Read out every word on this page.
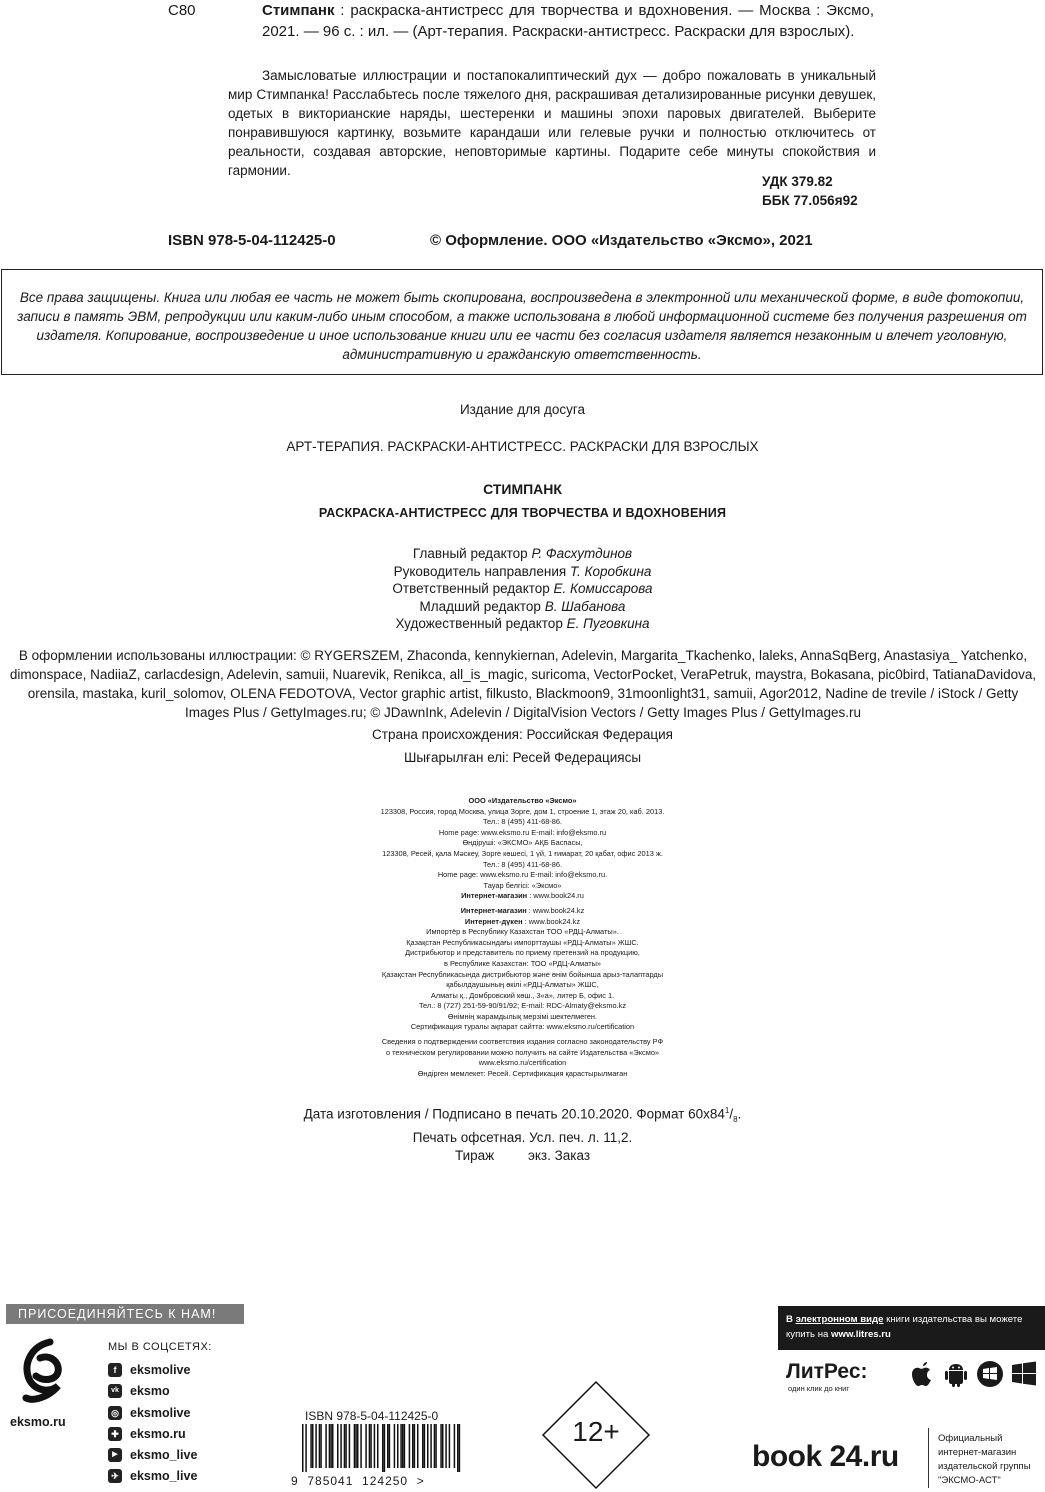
С80	Стимпанк : раскраска-антистресс для творчества и вдохновения. — Москва : Эксмо, 2021. — 96 с. : ил. — (Арт-терапия. Раскраски-антистресс. Раскраски для взрослых).
Замысловатые иллюстрации и постапокалиптический дух — добро пожаловать в уникальный мир Стимпанка! Расслабьтесь после тяжелого дня, раскрашивая детализированные рисунки девушек, одетых в викторианские наряды, шестеренки и машины эпохи паровых двигателей. Выберите понравившуюся картинку, возьмите карандаши или гелевые ручки и полностью отключитесь от реальности, создавая авторские, неповторимые картины. Подарите себе минуты спокойствия и гармонии.
УДК 379.82
ББК 77.056я92
ISBN 978-5-04-112425-0	© Оформление. ООО «Издательство «Эксмо», 2021
Все права защищены. Книга или любая ее часть не может быть скопирована, воспроизведена в электронной или механической форме, в виде фотокопии, записи в память ЭВМ, репродукции или каким-либо иным способом, а также использована в любой информационной системе без получения разрешения от издателя. Копирование, воспроизведение и иное использование книги или ее части без согласия издателя является незаконным и влечет уголовную, административную и гражданскую ответственность.
Издание для досуга
АРТ-ТЕРАПИЯ. РАСКРАСКИ-АНТИСТРЕСС. РАСКРАСКИ ДЛЯ ВЗРОСЛЫХ
СТИМПАНК
РАСКРАСКА-АНТИСТРЕСС ДЛЯ ТВОРЧЕСТВА И ВДОХНОВЕНИЯ
Главный редактор Р. Фасхутдинов
Руководитель направления Т. Коробкина
Ответственный редактор Е. Комиссарова
Младший редактор В. Шабанова
Художественный редактор Е. Пуговкина
В оформлении использованы иллюстрации: © RYGERSZEM, Zhaconda, kennykiernan, Adelevin, Margarita_Tkachenko, laleks, AnnaSqBerg, Anastasiya_ Yatchenko, dimonspace, NadiiaZ, carlacdesign, Adelevin, samuii, Nuarevik, Renikca, all_is_magic, suricoma, VectorPocket, VeraPetruk, maystra, Bokasana, pic0bird, TatianaDavidova, orensila, mastaka, kuril_solomov, OLENA FEDOTOVA, Vector graphic artist, filkusto, Blackmoon9, 31moonlight31, samuii, Agor2012, Nadine de trevile / iStock / Getty Images Plus / GettyImages.ru; © JDawnInk, Adelevin / DigitalVision Vectors / Getty Images Plus / GettyImages.ru
Страна происхождения: Российская Федерация
Шығарылған елі: Ресей Федерациясы
ООО «Издательство «Эксмо»
123308, Россия, город Москва, улица Зорге, дом 1, строение 1, этаж 20, каб. 2013.
Тел.: 8 (495) 411-68-86.
Home page: www.eksmo.ru E-mail: info@eksmo.ru
Өндіруші: «ЭКСМО» АҚБ Баспасы,
123308, Ресей, қала Мәскеу, Зорге көшесі, 1 үй, 1 ғимарат, 20 қабат, офис 2013 ж.
Тел.: 8 (495) 411-68-86.
Home page: www.eksmo.ru E-mail: info@eksmo.ru.
Тауар белгісі: «Эксмо»
Интернет-магазин : www.book24.ru
Интернет-магазин : www.book24.kz
Интернет-дүкен : www.book24.kz
Импортёр в Республику Казахстан ТОО «РДЦ-Алматы».
Қазақстан Республикасындағы импорттаушы «РДЦ-Алматы» ЖШС.
Дистрибьютор и представитель по приему претензий на продукцию,
в Республике Казахстан: ТОО «РДЦ-Алматы»
Қазақстан Республикасында дистрибьютор және өнім бойынша арыз-талаптарды
қабылдаушының өкілі «РДЦ-Алматы» ЖШС,
Алматы қ., Домбровский көш., 3«а», литер Б, офис 1.
Тел.: 8 (727) 251-59-90/91/92; E-mail: RDC-Almaty@eksmo.kz
Өнімнің жарамдылық мерзімі шектелмеген.
Сертификация туралы ақпарат сайтта: www.eksmo.ru/certification
Сведения о подтверждении соответствия издания согласно законодательству РФ
о техническом регулировании можно получить на сайте Издательства «Эксмо»
www.eksmo.ru/certification
Өндірген мемлекет: Ресей. Сертификация қарастырылмаған
Дата изготовления / Подписано в печать 20.10.2020. Формат $60x84^1/_8$.
Печать офсетная. Усл. печ. л. 11,2.
Тираж         экз. Заказ
ПРИСОЕДИНЯЙТЕСЬ К НАМ!
eksmo.ru
МЫ В СОЦСЕТЯХ:
f	eksmolive
vk eksmo
◎ eksmolive
✚ eksmo.ru
▶ eksmo_live
✈ eksmo_live
ISBN 978-5-04-112425-0
9  785041  124250  >
12+
В электронном виде книги издательства вы можете
купить на www.litres.ru
ЛитРес:
один клик до книг
book 24.ru
Официальный
интернет-магазин
издательской группы
"ЭКСМО-АСТ"
